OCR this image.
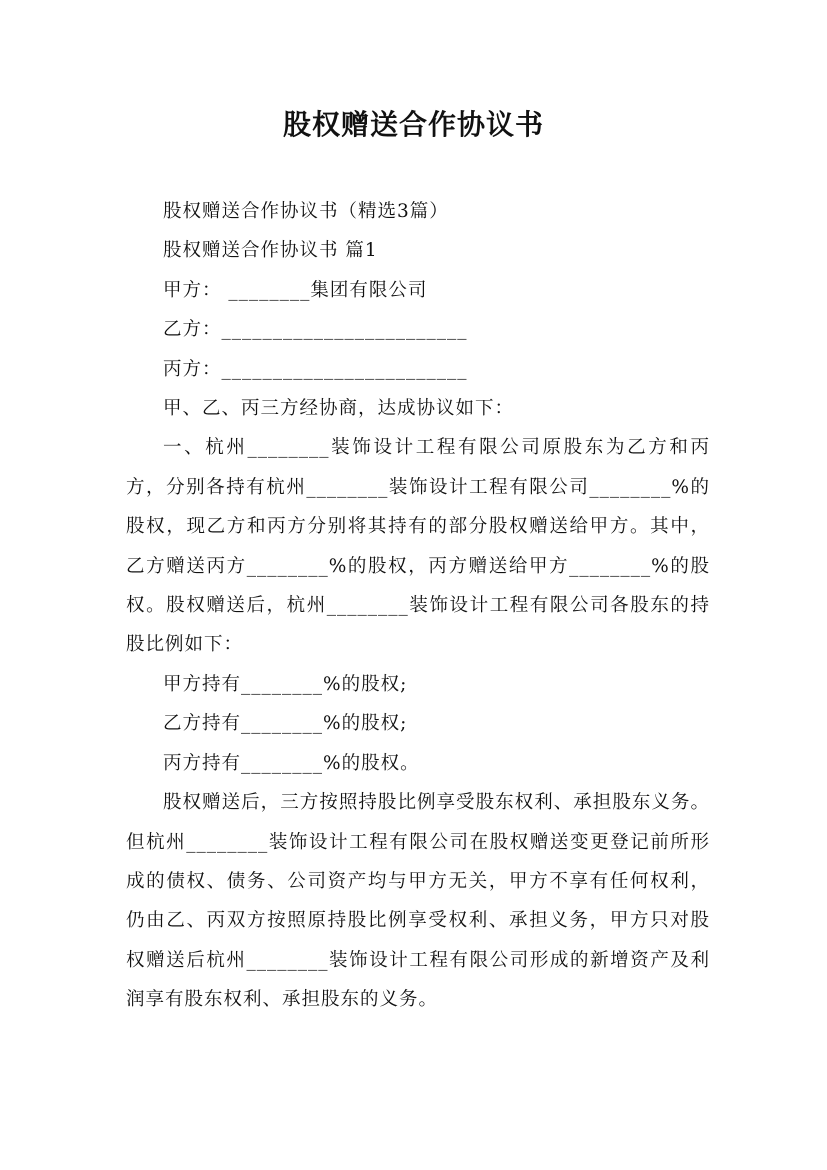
股权赠送合作协议书

股权赠送合作协议书（精选3篇）

股权赠送合作协议书 篇1

甲方： ________集团有限公司

乙方：________________________

丙方：________________________

甲、乙、丙三方经协商，达成协议如下：

一、杭州________装饰设计工程有限公司原股东为乙方和丙方，分别各持有杭州________装饰设计工程有限公司________%的股权，现乙方和丙方分别将其持有的部分股权赠送给甲方。其中，乙方赠送丙方________%的股权，丙方赠送给甲方________%的股权。股权赠送后，杭州________装饰设计工程有限公司各股东的持股比例如下：

甲方持有________%的股权;

乙方持有________%的股权;

丙方持有________%的股权。

股权赠送后，三方按照持股比例享受股东权利、承担股东义务。但杭州________装饰设计工程有限公司在股权赠送变更登记前所形成的债权、债务、公司资产均与甲方无关，甲方不享有任何权利，仍由乙、丙双方按照原持股比例享受权利、承担义务，甲方只对股权赠送后杭州________装饰设计工程有限公司形成的新增资产及利润享有股东权利、承担股东的义务。
